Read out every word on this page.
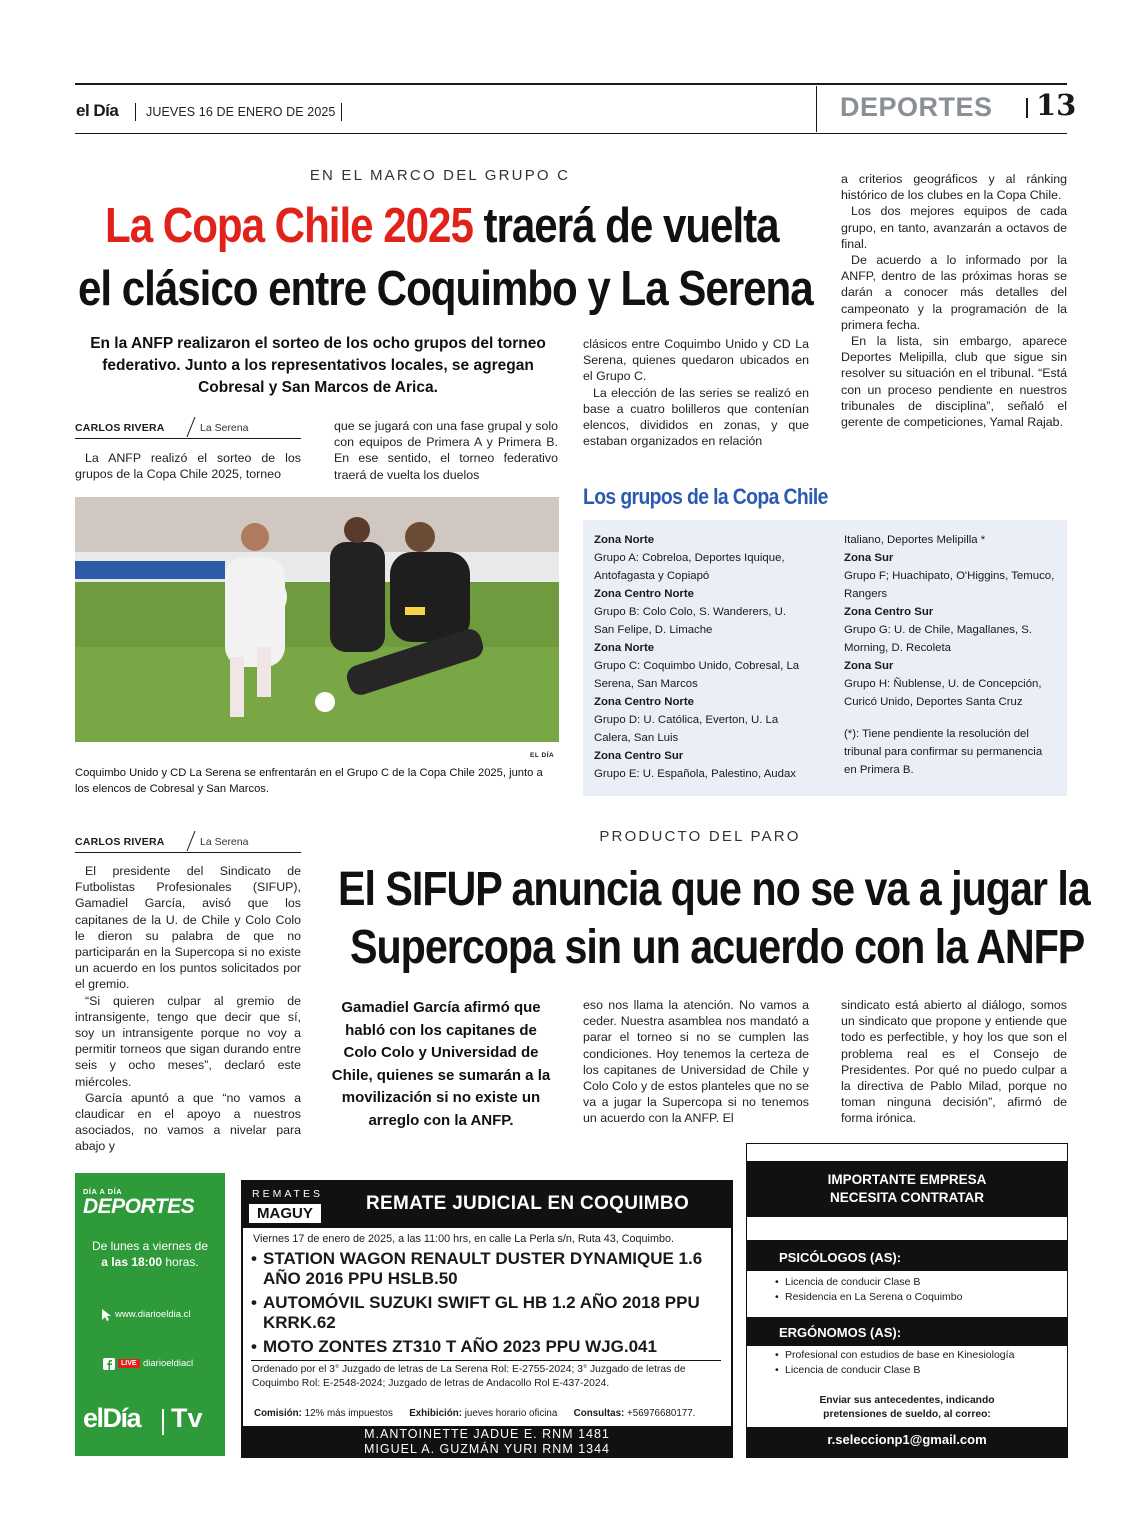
el Día JUEVES 16 DE ENERO DE 2025	DEPORTES 13
EN EL MARCO DEL GRUPO C
La Copa Chile 2025 traerá de vuelta
el clásico entre Coquimbo y La Serena
En la ANFP realizaron el sorteo de los ocho grupos del torneo federativo. Junto a los representativos locales, se agregan Cobresal y San Marcos de Arica.
CARLOS RIVERA	La Serena

La ANFP realizó el sorteo de los grupos de la Copa Chile 2025, torneo

que se jugará con una fase grupal y solo con equipos de Primera A y Primera B. En ese sentido, el torneo federativo traerá de vuelta los duelos

clásicos entre Coquimbo Unido y CD La Serena, quienes quedaron ubicados en el Grupo C.

La elección de las series se realizó en base a cuatro bolilleros que contenían elencos, divididos en zonas, y que estaban organizados en relación

a criterios geográficos y al ránking histórico de los clubes en la Copa Chile.

Los dos mejores equipos de cada grupo, en tanto, avanzarán a octavos de final.

De acuerdo a lo informado por la ANFP, dentro de las próximas horas se darán a conocer más detalles del campeonato y la programación de la primera fecha.

En la lista, sin embargo, aparece Deportes Melipilla, club que sigue sin resolver su situación en el tribunal. “Está con un proceso pendiente en nuestros tribunales de disciplina”, señaló el gerente de competiciones, Yamal Rajab.

EL DÍA
Coquimbo Unido y CD La Serena se enfrentarán en el Grupo C de la Copa Chile 2025, junto a los elencos de Cobresal y San Marcos.
Los grupos de la Copa Chile
Zona Norte
Grupo A: Cobreloa, Deportes Iquique, Antofagasta y Copiapó
Zona Centro Norte
Grupo B: Colo Colo, S. Wanderers, U. San Felipe, D. Limache
Zona Norte
Grupo C: Coquimbo Unido, Cobresal, La Serena, San Marcos
Zona Centro Norte
Grupo D: U. Católica, Everton, U. La Calera, San Luis
Zona Centro Sur
Grupo E: U. Española, Palestino, Audax
Italiano, Deportes Melipilla *
Zona Sur
Grupo F; Huachipato, O'Higgins, Temuco, Rangers
Zona Centro Sur
Grupo G: U. de Chile, Magallanes, S. Morning, D. Recoleta
Zona Sur
Grupo H: Ñublense, U. de Concepción, Curicó Unido, Deportes Santa Cruz
(*): Tiene pendiente la resolución del tribunal para confirmar su permanencia en Primera B.
CARLOS RIVERA	La Serena

El presidente del Sindicato de Futbolistas Profesionales (SIFUP), Gamadiel García, avisó que los capitanes de la U. de Chile y Colo Colo le dieron su palabra de que no participarán en la Supercopa si no existe un acuerdo en los puntos solicitados por el gremio.

“Si quieren culpar al gremio de intransigente, tengo que decir que sí, soy un intransigente porque no voy a permitir torneos que sigan durando entre seis y ocho meses”, declaró este miércoles.

García apuntó a que “no vamos a claudicar en el apoyo a nuestros asociados, no vamos a nivelar para abajo y

PRODUCTO DEL PARO
El SIFUP anuncia que no se va a jugar la
Supercopa sin un acuerdo con la ANFP
Gamadiel García afirmó que habló con los capitanes de Colo Colo y Universidad de Chile, quienes se sumarán a la movilización si no existe un arreglo con la ANFP.

eso nos llama la atención. No vamos a ceder. Nuestra asamblea nos mandató a parar el torneo si no se cumplen las condiciones. Hoy tenemos la certeza de los capitanes de Universidad de Chile y Colo Colo y de estos planteles que no se va a jugar la Supercopa si no tenemos un acuerdo con la ANFP. El

sindicato está abierto al diálogo, somos un sindicato que propone y entiende que todo es perfectible, y hoy los que son el problema real es el Consejo de Presidentes. Por qué no puedo culpar a la directiva de Pablo Milad, porque no toman ninguna decisión”, afirmó de forma irónica.

DÍA A DÍA
DEPORTES
De lunes a viernes de
a las 18:00 horas.
www.diarioeldia.cl
LIVE diarioeldiacl
elDía Tv
REMATES
MAGUY	REMATE JUDICIAL EN COQUIMBO
Viernes 17 de enero de 2025, a las 11:00 hrs, en calle La Perla s/n, Ruta 43, Coquimbo.
• STATION WAGON RENAULT DUSTER DYNAMIQUE 1.6 AÑO 2016 PPU HSLB.50
• AUTOMÓVIL SUZUKI SWIFT GL HB 1.2 AÑO 2018 PPU KRRK.62
• MOTO ZONTES ZT310 T AÑO 2023 PPU WJG.041
Ordenado por el 3° Juzgado de letras de La Serena Rol: E-2755-2024; 3° Juzgado de letras de Coquimbo Rol: E-2548-2024; Juzgado de letras de Andacollo Rol E-437-2024.
Comisión: 12% más impuestos Exhibición: jueves horario oficina Consultas: +56976680177.
M.ANTOINETTE JADUE E. RNM 1481
MIGUEL A. GUZMÁN YURI RNM 1344
IMPORTANTE EMPRESA
NECESITA CONTRATAR
PSICÓLOGOS (AS):
• Licencia de conducir Clase B
• Residencia en La Serena o Coquimbo
ERGÓNOMOS (AS):
• Profesional con estudios de base en Kinesiología
• Licencia de conducir Clase B
Enviar sus antecedentes, indicando
pretensiones de sueldo, al correo:
r.seleccionp1@gmail.com
